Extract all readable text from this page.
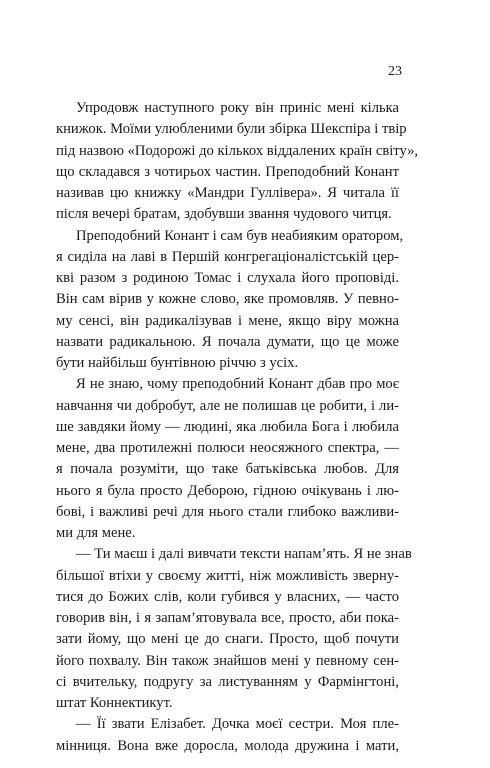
23
Упродовж наступного року він приніс мені кілька
книжок. Моїми улюбленими були збірка Шекспіра і твір
під назвою «Подорожі до кількох віддалених країн світу»,
що складався з чотирьох частин. Преподобний Конант
називав цю книжку «Мандри Гуллівера». Я читала її
після вечері братам, здобувши звання чудового читця.
Преподобний Конант і сам був неабияким оратором,
я сиділа на лаві в Першій конгрегаціоналістській цер-
кві разом з родиною Томас і слухала його проповіді.
Він сам вірив у кожне слово, яке промовляв. У певно-
му сенсі, він радикалізував і мене, якщо віру можна
назвати радикальною. Я почала думати, що це може
бути найбільш бунтівною річчю з усіх.
Я не знаю, чому преподобний Конант дбав про моє
навчання чи добробут, але не полишав це робити, і ли-
ше завдяки йому — людині, яка любила Бога і любила
мене, два протилежні полюси неосяжного спектра, —
я почала розуміти, що таке батьківська любов. Для
нього я була просто Деборою, гідною очікувань і лю-
бові, і важливі речі для нього стали глибоко важливи-
ми для мене.
— Ти маєш і далі вивчати тексти напам’ять. Я не знав
більшої втіхи у своєму житті, ніж можливість звернy-
тися до Божих слів, коли губився у власних, — часто
говорив він, і я запам’ятовувала все, просто, аби пока-
зати йому, що мені це до снаги. Просто, щоб почути
його похвалу. Він також знайшов мені у певному сен-
сі вчительку, подругу за листуванням у Фармінгтоні,
штат Коннектикут.
— Її звати Елізабет. Дочка моєї сестри. Моя пле-
мінниця. Вона вже доросла, молода дружина і мати,
